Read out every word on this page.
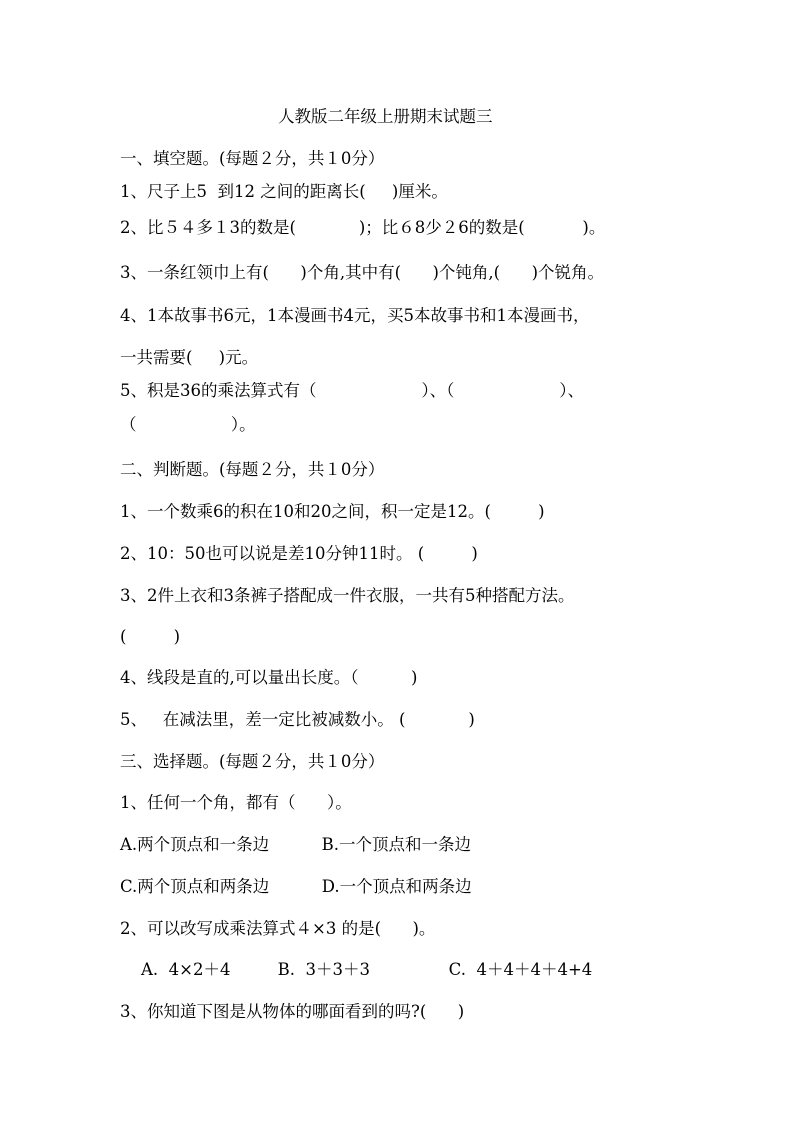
人教版二年级上册期末试题三
一、填空题。(每题２分，共１0分）
1、尺子上5  到12 之间的距离长(     )厘米。
2、比５４多１3的数是(            )；比６8少２6的数是(           )。
3、一条红领巾上有(      )个角,其中有(      )个钝角,(      )个锐角。
4、1本故事书6元，1本漫画书4元，买5本故事书和1本漫画书，
一共需要(     )元。
5、积是36的乘法算式有（                    ）、（                    ）、
（                  ）。
二、判断题。(每题２分，共１0分）
1、一个数乘6的积在10和20之间，积一定是12。(         )
2、10：50也可以说是差10分钟11时。 (         )
3、2件上衣和3条裤子搭配成一件衣服，一共有5种搭配方法。
(         )
4、线段是直的,可以量出长度。（          )
5、   在减法里，差一定比被减数小。 (            )
三、选择题。(每题２分，共１0分）
1、任何一个角，都有（      ）。
A.两个顶点和一条边          B.一个顶点和一条边
C.两个顶点和两条边          D.一个顶点和两条边
2、可以改写成乘法算式４×3 的是(      )。
A.  4×2＋4         B.  3＋3＋3               C.  4＋4＋4＋4+4
3、你知道下图是从物体的哪面看到的吗?(      )
